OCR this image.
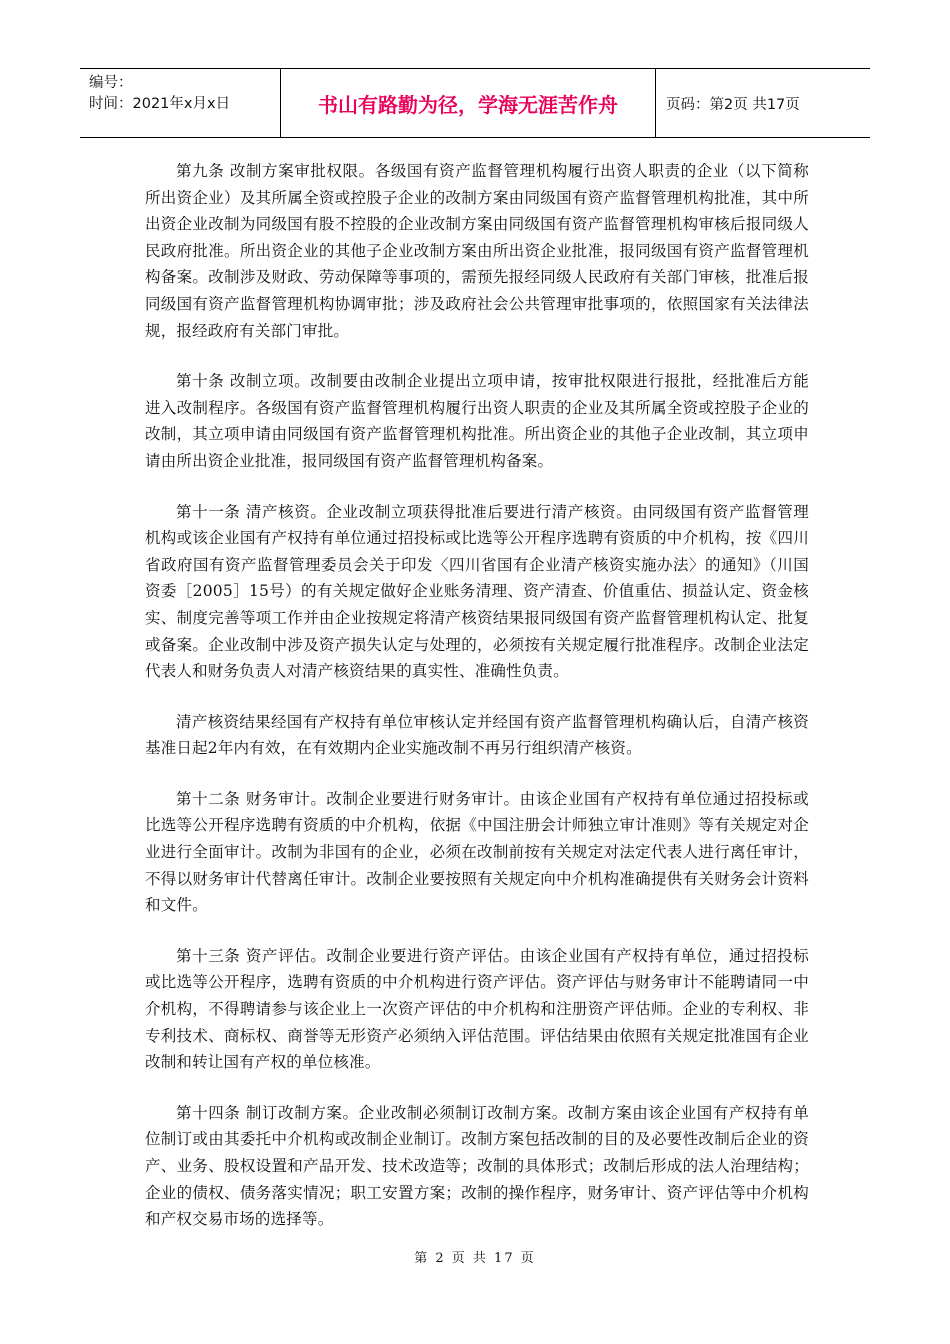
编号：
时间：2021年x月x日	书山有路勤为径，学海无涯苦作舟	页码：第2页 共17页

第九条 改制方案审批权限。各级国有资产监督管理机构履行出资人职责的企业（以下简称所出资企业）及其所属全资或控股子企业的改制方案由同级国有资产监督管理机构批准，其中所出资企业改制为同级国有股不控股的企业改制方案由同级国有资产监督管理机构审核后报同级人民政府批准。所出资企业的其他子企业改制方案由所出资企业批准，报同级国有资产监督管理机构备案。改制涉及财政、劳动保障等事项的，需预先报经同级人民政府有关部门审核，批准后报同级国有资产监督管理机构协调审批；涉及政府社会公共管理审批事项的，依照国家有关法律法规，报经政府有关部门审批。

第十条 改制立项。改制要由改制企业提出立项申请，按审批权限进行报批，经批准后方能进入改制程序。各级国有资产监督管理机构履行出资人职责的企业及其所属全资或控股子企业的改制，其立项申请由同级国有资产监督管理机构批准。所出资企业的其他子企业改制，其立项申请由所出资企业批准，报同级国有资产监督管理机构备案。

第十一条 清产核资。企业改制立项获得批准后要进行清产核资。由同级国有资产监督管理机构或该企业国有产权持有单位通过招投标或比选等公开程序选聘有资质的中介机构，按《四川省政府国有资产监督管理委员会关于印发〈四川省国有企业清产核资实施办法〉的通知》（川国资委［2005］15号）的有关规定做好企业账务清理、资产清查、价值重估、损益认定、资金核实、制度完善等项工作并由企业按规定将清产核资结果报同级国有资产监督管理机构认定、批复或备案。企业改制中涉及资产损失认定与处理的，必须按有关规定履行批准程序。改制企业法定代表人和财务负责人对清产核资结果的真实性、准确性负责。

清产核资结果经国有产权持有单位审核认定并经国有资产监督管理机构确认后，自清产核资基准日起2年内有效，在有效期内企业实施改制不再另行组织清产核资。

第十二条 财务审计。改制企业要进行财务审计。由该企业国有产权持有单位通过招投标或比选等公开程序选聘有资质的中介机构，依据《中国注册会计师独立审计准则》等有关规定对企业进行全面审计。改制为非国有的企业，必须在改制前按有关规定对法定代表人进行离任审计，不得以财务审计代替离任审计。改制企业要按照有关规定向中介机构准确提供有关财务会计资料和文件。

第十三条 资产评估。改制企业要进行资产评估。由该企业国有产权持有单位，通过招投标或比选等公开程序，选聘有资质的中介机构进行资产评估。资产评估与财务审计不能聘请同一中介机构，不得聘请参与该企业上一次资产评估的中介机构和注册资产评估师。企业的专利权、非专利技术、商标权、商誉等无形资产必须纳入评估范围。评估结果由依照有关规定批准国有企业改制和转让国有产权的单位核准。

第十四条 制订改制方案。企业改制必须制订改制方案。改制方案由该企业国有产权持有单位制订或由其委托中介机构或改制企业制订。改制方案包括改制的目的及必要性改制后企业的资产、业务、股权设置和产品开发、技术改造等；改制的具体形式；改制后形成的法人治理结构；企业的债权、债务落实情况；职工安置方案；改制的操作程序，财务审计、资产评估等中介机构和产权交易市场的选择等。

第 2 页 共 17 页
